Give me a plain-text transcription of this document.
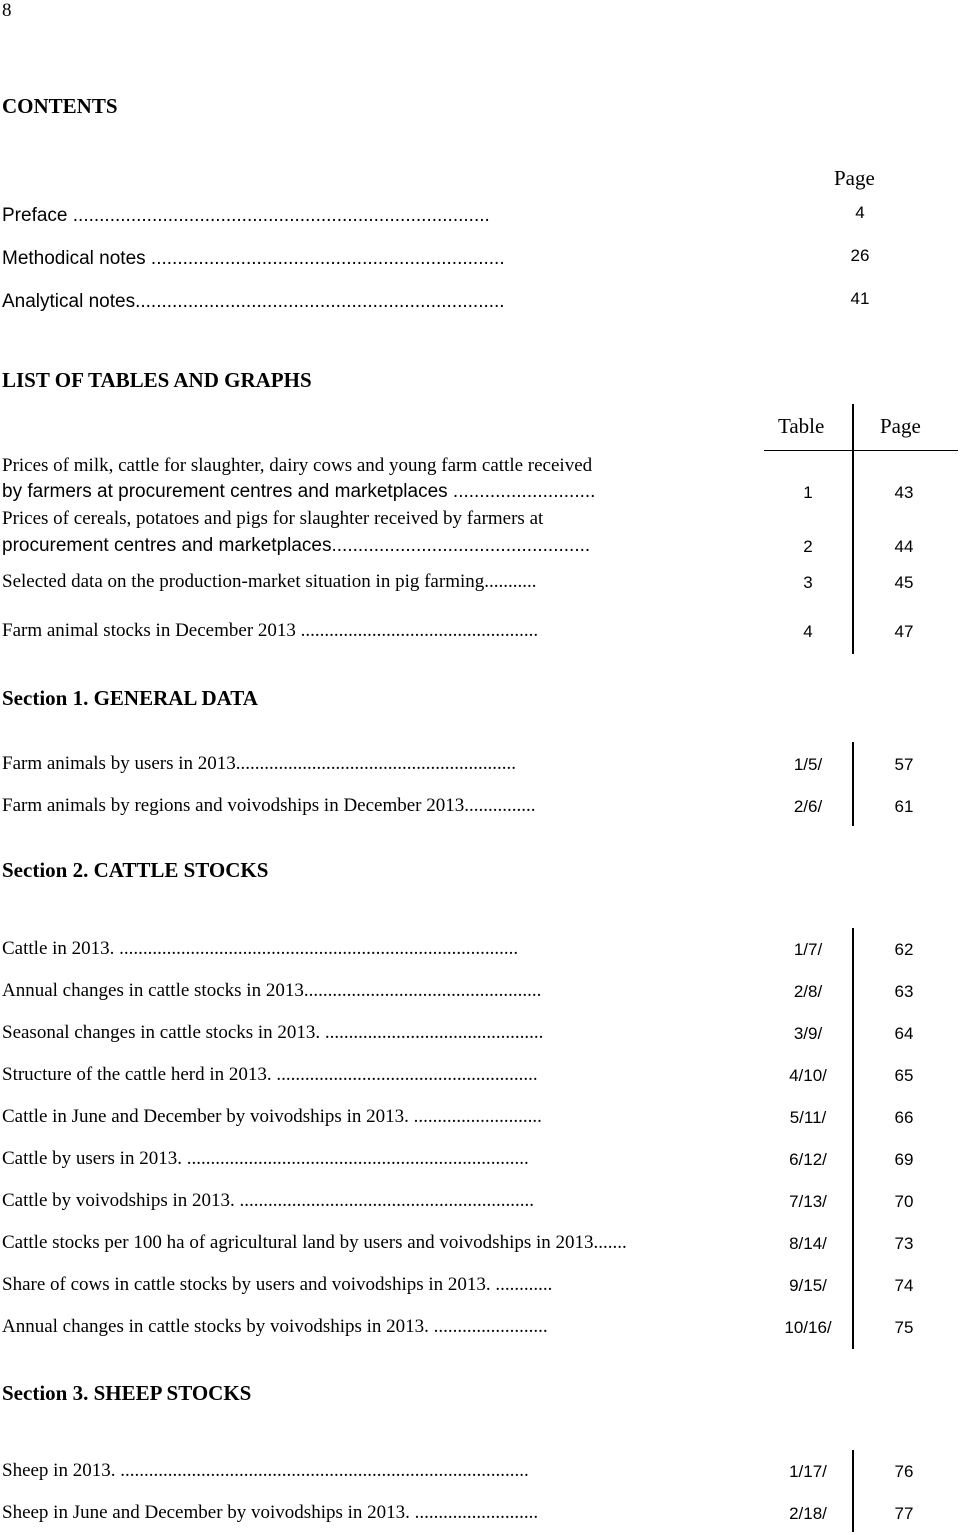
8
CONTENTS
Page
Preface ...............................................................................	4
Methodical notes ...................................................................	26
Analytical notes......................................................................	41
LIST OF TABLES AND GRAPHS
Table	Page
Prices of milk, cattle for slaughter, dairy cows and young farm cattle received
by farmers at procurement centres and marketplaces ...........................	1	43
Prices of cereals, potatoes and pigs for slaughter received by farmers at
procurement centres and marketplaces.................................................	2	44
Selected data on the production-market situation in pig farming...........	3	45
Farm animal stocks in December 2013 ..................................................	4	47
Section 1. GENERAL DATA
Farm animals by users in 2013...........................................................	1/5/	57
Farm animals by regions and voivodships in December 2013...............	2/6/	61
Section 2. CATTLE STOCKS
Cattle in 2013. ....................................................................................	1/7/	62
Annual changes in cattle stocks in 2013..................................................	2/8/	63
Seasonal changes in cattle stocks in 2013. ..............................................	3/9/	64
Structure of the cattle herd in 2013. .......................................................	4/10/	65
Cattle in June and December by voivodships in 2013. ...........................	5/11/	66
Cattle by users in 2013. ........................................................................	6/12/	69
Cattle by voivodships in 2013. ..............................................................	7/13/	70
Cattle stocks per 100 ha of agricultural land by users and voivodships in 2013.......	8/14/	73
Share of cows in cattle stocks by users and voivodships in 2013. ............	9/15/	74
Annual changes in cattle stocks by voivodships in 2013. ........................	10/16/	75
Section 3. SHEEP STOCKS
Sheep in 2013. ......................................................................................	1/17/	76
Sheep in June and December by voivodships in 2013. ..........................	2/18/	77
